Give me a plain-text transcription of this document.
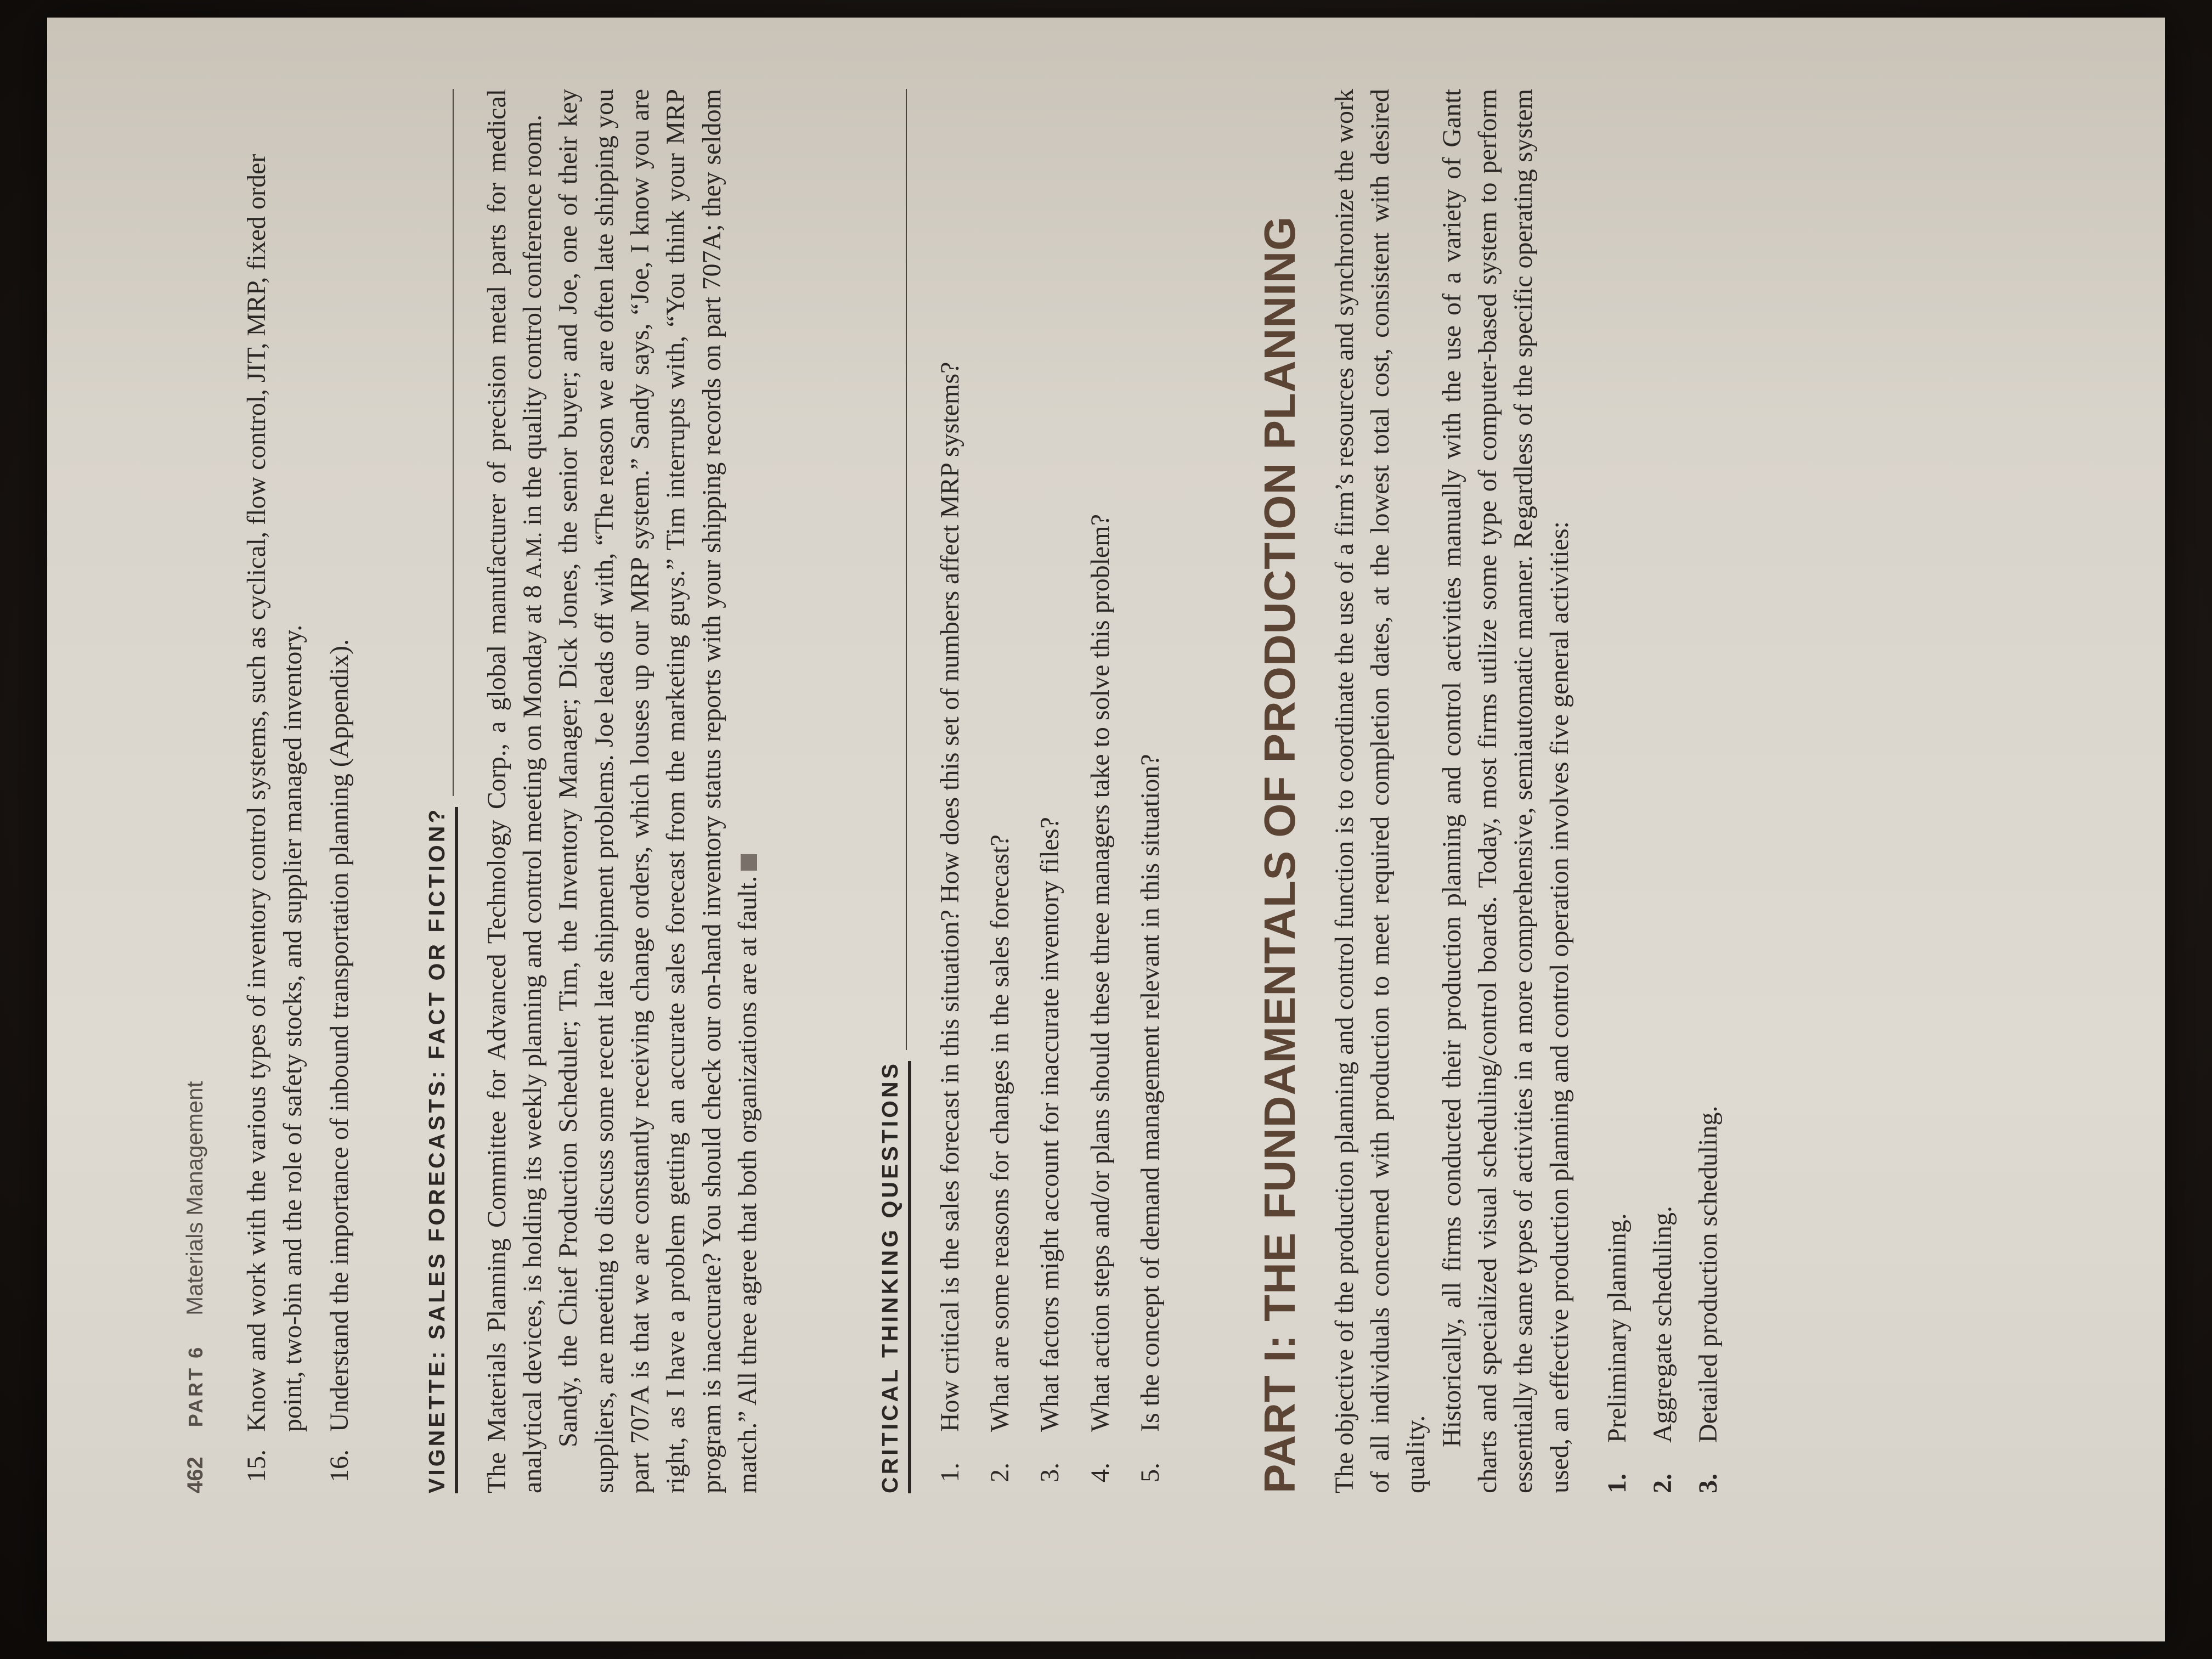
462
PART 6
Materials Management
15.
Know and work with the various types of inventory control systems, such as cyclical, flow control, JIT, MRP, fixed order point, two-bin and the role of safety stocks, and supplier managed inventory.
16.
Understand the importance of inbound transportation planning (Appendix).	VIGNETTE: SALES FORECASTS: FACT OR FICTION?	The Materials Planning Committee for Advanced Technology Corp., a global manufacturer of precision metal parts for medical analytical devices, is holding its weekly planning and control meeting on Monday at 8 A.M. in the quality control conference room. Sandy, the Chief Production Scheduler; Tim, the Inventory Manager; Dick Jones, the senior buyer; and Joe, one of their key suppliers, are meeting to discuss some recent late shipment problems. Joe leads off with, “The reason we are often late shipping you part 707A is that we are constantly receiving change orders, which louses up our MRP system.” Sandy says, “Joe, I know you are right, as I have a problem getting an accurate sales forecast from the marketing guys.” Tim interrupts with, “You think your MRP program is inaccurate? You should check our on-hand inventory status reports with your shipping records on part 707A; they seldom match.” All three agree that both organizations are at fault.	CRITICAL THINKING QUESTIONS	1.
How critical is the sales forecast in this situation? How does this set of numbers affect MRP systems?
2.
What are some reasons for changes in the sales forecast?
3.
What factors might account for inaccurate inventory files?
4.
What action steps and/or plans should these three managers take to solve this problem?
5.
Is the concept of demand management relevant in this situation? PART I: THE FUNDAMENTALS OF PRODUCTION PLANNING The objective of the production planning and control function is to coordinate the use of a firm’s resources and synchronize the work of all individuals concerned with production to meet required completion dates, at the lowest total cost, consistent with desired quality.

Historically, all firms conducted their production planning and control activities manually with the use of a variety of Gantt charts and specialized visual scheduling/control boards. Today, most firms utilize some type of computer-based system to perform essentially the same types of activities in a more comprehensive, semiautomatic manner. Regardless of the specific operating system used, an effective production planning and control operation involves five general activities: 1.
Preliminary planning.
2.
Aggregate scheduling.
3.
Detailed production scheduling.
